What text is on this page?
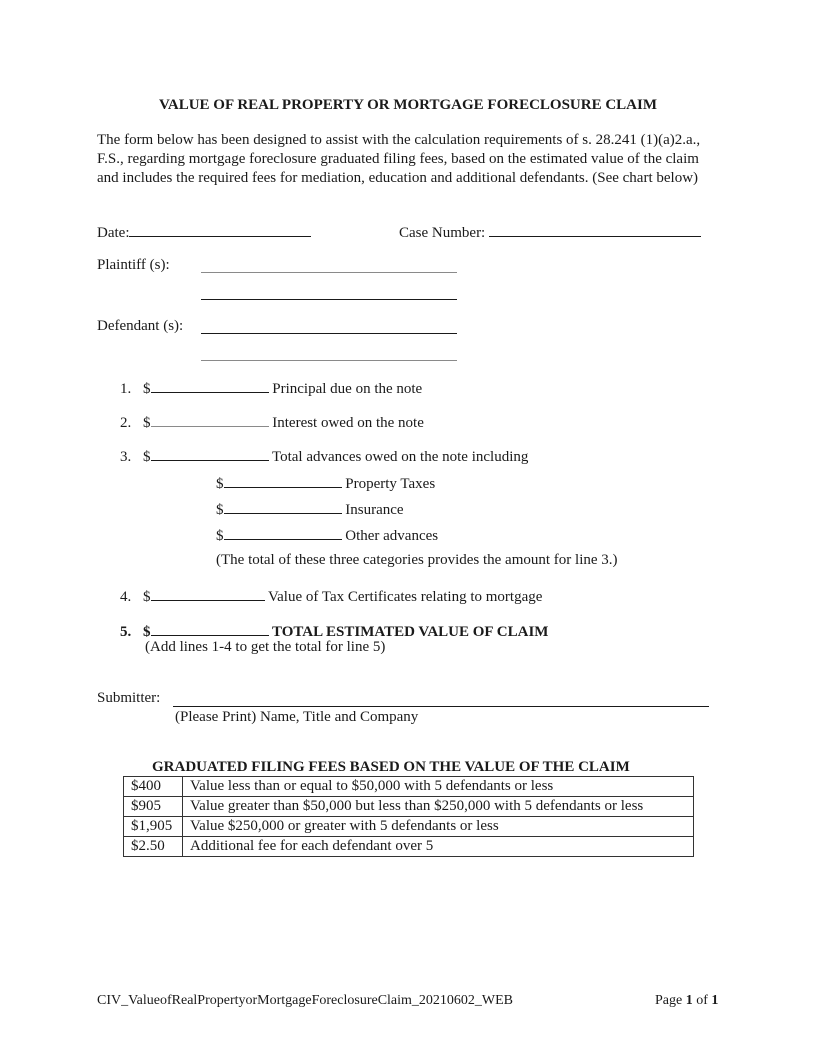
VALUE OF REAL PROPERTY OR MORTGAGE FORECLOSURE CLAIM
The form below has been designed to assist with the calculation requirements of s. 28.241 (1)(a)2.a., F.S., regarding mortgage foreclosure graduated filing fees, based on the estimated value of the claim and includes the required fees for mediation, education and additional defendants. (See chart below)
Date:	Case Number:
Plaintiff (s):
Defendant (s):
1. $	Principal due on the note
2. $	Interest owed on the note
3. $	Total advances owed on the note including
$	Property Taxes
$	Insurance
$	Other advances
(The total of these three categories provides the amount for line 3.)
4. $	Value of Tax Certificates relating to mortgage
5. $	TOTAL ESTIMATED VALUE OF CLAIM
(Add lines 1-4 to get the total for line 5)
Submitter:
(Please Print) Name, Title and Company
GRADUATED FILING FEES BASED ON THE VALUE OF THE CLAIM
$400	Value less than or equal to $50,000 with 5 defendants or less
$905	Value greater than $50,000 but less than $250,000 with 5 defendants or less
$1,905	Value $250,000 or greater with 5 defendants or less
$2.50	Additional fee for each defendant over 5
CIV_ValueofRealPropertyorMortgageForeclosureClaim_20210602_WEB	Page 1 of 1
